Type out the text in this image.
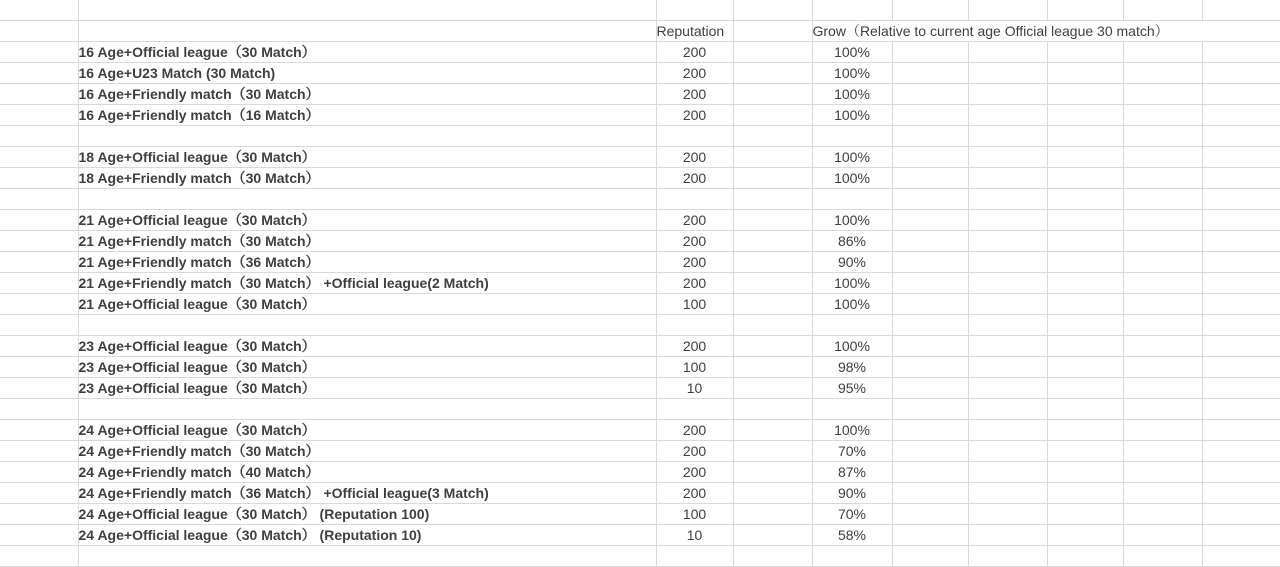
		Reputation		Grow（Relative to current age Official league 30 match）					
	16 Age+Official league（30 Match）	200		100%					
	16 Age+U23 Match (30 Match)	200		100%					
	16 Age+Friendly match（30 Match）	200		100%					
	16 Age+Friendly match（16 Match）	200		100%					

	18 Age+Official league（30 Match）	200		100%					
	18 Age+Friendly match（30 Match）	200		100%					

	21 Age+Official league（30 Match）	200		100%					
	21 Age+Friendly match（30 Match）	200		86%					
	21 Age+Friendly match（36 Match）	200		90%					
	21 Age+Friendly match（30 Match） +Official league(2 Match)	200		100%					
	21 Age+Official league（30 Match）	100		100%					

	23 Age+Official league（30 Match）	200		100%					
	23 Age+Official league（30 Match）	100		98%					
	23 Age+Official league（30 Match）	10		95%					

	24 Age+Official league（30 Match）	200		100%					
	24 Age+Friendly match（30 Match）	200		70%					
	24 Age+Friendly match（40 Match）	200		87%					
	24 Age+Friendly match（36 Match） +Official league(3 Match)	200		90%					
	24 Age+Official league（30 Match） (Reputation 100)	100		70%					
	24 Age+Official league（30 Match） (Reputation 10)	10		58%					
